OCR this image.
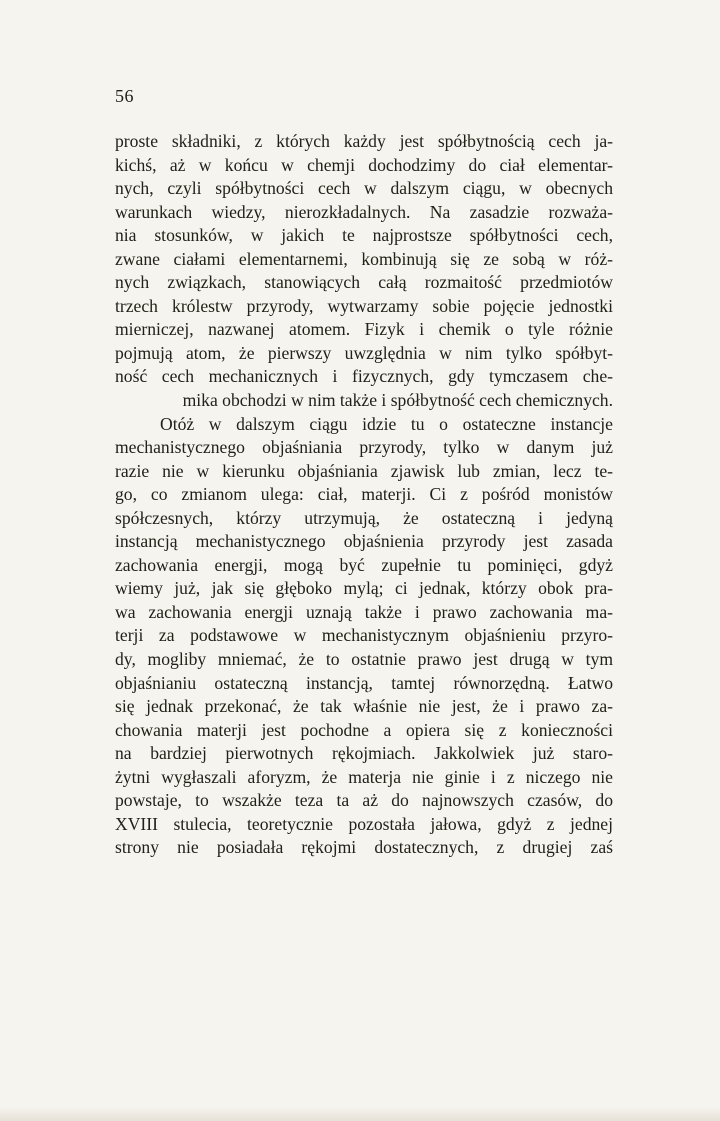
56
proste składniki, z których każdy jest spółbytnością cech ja-
kichś, aż w końcu w chemji dochodzimy do ciał elementar-
nych, czyli spółbytności cech w dalszym ciągu, w obecnych
warunkach wiedzy, nierozkładalnych. Na zasadzie rozważa-
nia stosunków, w jakich te najprostsze spółbytności cech,
zwane ciałami elementarnemi, kombinują się ze sobą w róż-
nych związkach, stanowiących całą rozmaitość przedmiotów
trzech królestw przyrody, wytwarzamy sobie pojęcie jednostki
mierniczej, nazwanej atomem. Fizyk i chemik o tyle różnie
pojmują atom, że pierwszy uwzględnia w nim tylko spółbyt-
ność cech mechanicznych i fizycznych, gdy tymczasem che-
mika obchodzi w nim także i spółbytność cech chemicznych.
Otóż w dalszym ciągu idzie tu o ostateczne instancje
mechanistycznego objaśniania przyrody, tylko w danym już
razie nie w kierunku objaśniania zjawisk lub zmian, lecz te-
go, co zmianom ulega: ciał, materji. Ci z pośród monistów
spółczesnych, którzy utrzymują, że ostateczną i jedyną
instancją mechanistycznego objaśnienia przyrody jest zasada
zachowania energji, mogą być zupełnie tu pominięci, gdyż
wiemy już, jak się głęboko mylą; ci jednak, którzy obok pra-
wa zachowania energji uznają także i prawo zachowania ma-
terji za podstawowe w mechanistycznym objaśnieniu przyro-
dy, mogliby mniemać, że to ostatnie prawo jest drugą w tym
objaśnianiu ostateczną instancją, tamtej równorzędną. Łatwo
się jednak przekonać, że tak właśnie nie jest, że i prawo za-
chowania materji jest pochodne a opiera się z konieczności
na bardziej pierwotnych rękojmiach. Jakkolwiek już staro-
żytni wygłaszali aforyzm, że materja nie ginie i z niczego nie
powstaje, to wszakże teza ta aż do najnowszych czasów, do
XVIII stulecia, teoretycznie pozostała jałowa, gdyż z jednej
strony nie posiadała rękojmi dostatecznych, z drugiej zaś
